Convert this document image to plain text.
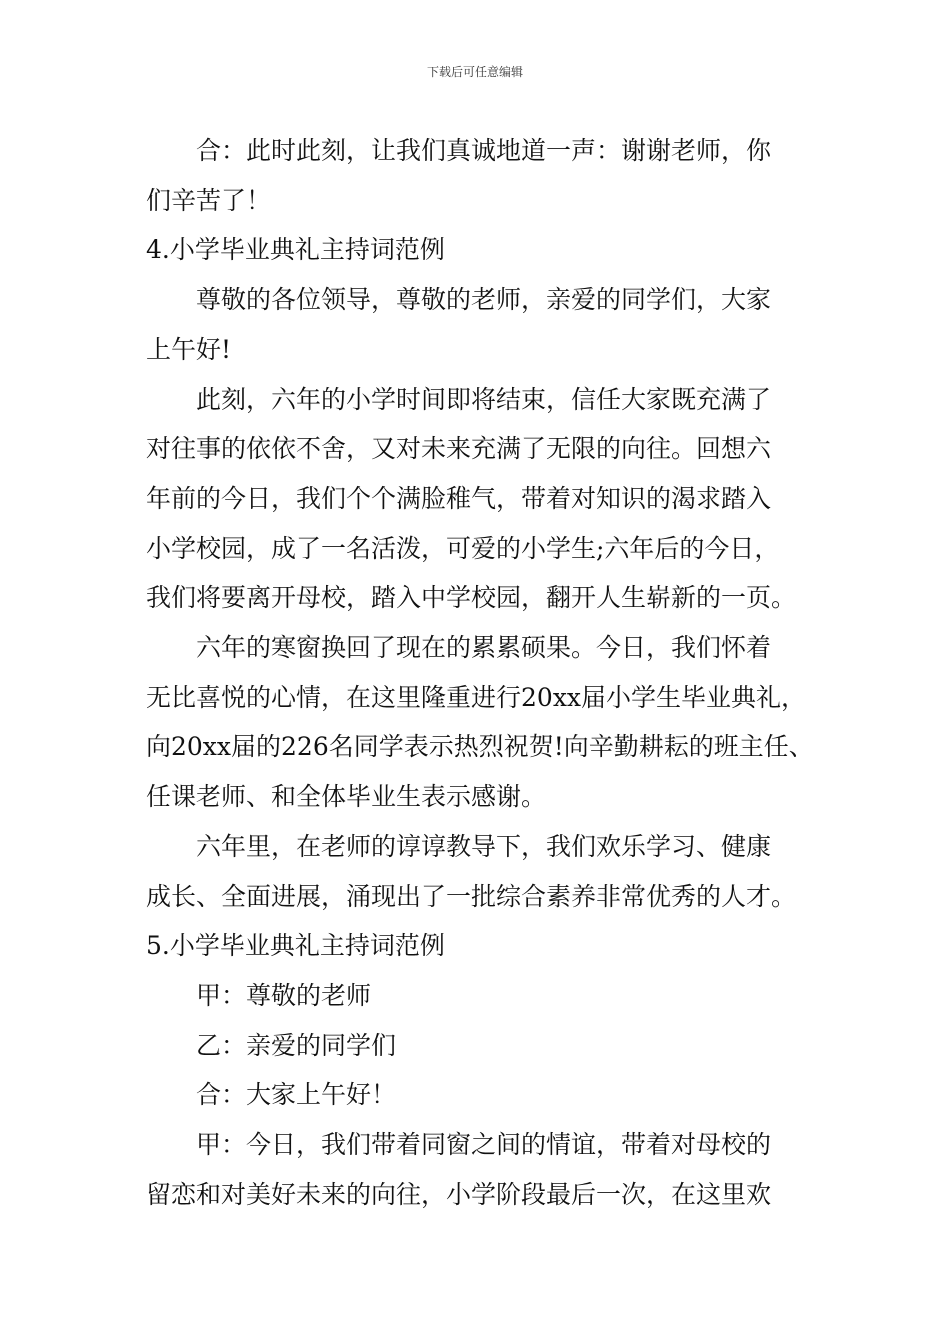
下载后可任意编辑

合：此时此刻，让我们真诚地道一声：谢谢老师，你

们辛苦了！

4.小学毕业典礼主持词范例

尊敬的各位领导，尊敬的老师，亲爱的同学们，大家

上午好!

此刻，六年的小学时间即将结束，信任大家既充满了

对往事的依依不舍，又对未来充满了无限的向往。回想六

年前的今日，我们个个满脸稚气，带着对知识的渴求踏入

小学校园，成了一名活泼，可爱的小学生;六年后的今日，

我们将要离开母校，踏入中学校园，翻开人生崭新的一页。

六年的寒窗换回了现在的累累硕果。今日，我们怀着

无比喜悦的心情，在这里隆重进行20xx届小学生毕业典礼，

向20xx届的226名同学表示热烈祝贺!向辛勤耕耘的班主任、

任课老师、和全体毕业生表示感谢。

六年里，在老师的谆谆教导下，我们欢乐学习、健康

成长、全面进展，涌现出了一批综合素养非常优秀的人才。

5.小学毕业典礼主持词范例

甲：尊敬的老师

乙：亲爱的同学们

合：大家上午好！

甲：今日，我们带着同窗之间的情谊，带着对母校的

留恋和对美好未来的向往，小学阶段最后一次，在这里欢
